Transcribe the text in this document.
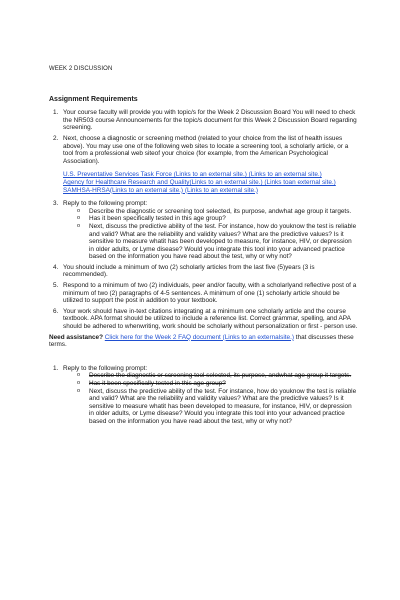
WEEK 2 DISCUSSION
Assignment Requirements
1. Your course faculty will provide you with topic/s for the Week 2 Discussion Board You will need to check the NR503 course Announcements for the topic/s document for this Week 2 Discussion Board regarding screening.
2. Next, choose a diagnostic or screening method (related to your choice from the list of health issues above). You may use one of the following web sites to locate a screening tool, a scholarly article, or a tool from a professional web siteof your choice (for example, from the American Psychological Association).
U.S. Preventative Services Task Force (Links to an external site.) (Links to an external site.)
Agency for Healthcare Research and Quality(Links to an external site.) (Links toan external site.)
SAMHSA-HRSA(Links to an external site.) (Links to an external site.)
3. Reply to the following prompt:
o Describe the diagnostic or screening tool selected, its purpose, andwhat age group it targets.
o Has it been specifically tested in this age group?
o Next, discuss the predictive ability of the test. For instance, how do youknow the test is reliable and valid? What are the reliability and validity values? What are the predictive values? Is it sensitive to measure whatit has been developed to measure, for instance, HIV, or depression in older adults, or Lyme disease? Would you integrate this tool into your advanced practice based on the information you have read about the test, why or why not?
4. You should include a minimum of two (2) scholarly articles from the last five (5)years (3 is recommended).
5. Respond to a minimum of two (2) individuals, peer and/or faculty, with a scholarlyand reflective post of a minimum of two (2) paragraphs of 4-5 sentences. A minimum of one (1) scholarly article should be utilized to support the post in addition to your textbook.
6. Your work should have in-text citations integrating at a minimum one scholarly article and the course textbook. APA format should be utilized to include a reference list. Correct grammar, spelling, and APA should be adhered to whenwriting, work should be scholarly without personalization or first - person use.
Need assistance? Click here for the Week 2 FAQ document (Links to an externalsite.) that discusses these terms.
1. Reply to the following prompt:
o Describe the diagnostic or screening tool selected, its purpose, andwhat age group it targets.
o Has it been specifically tested in this age group?
o Next, discuss the predictive ability of the test. For instance, how do youknow the test is reliable and valid? What are the reliability and validity values? What are the predictive values? Is it sensitive to measure whatit has been developed to measure, for instance, HIV, or depression in older adults, or Lyme disease? Would you integrate this tool into your advanced practice based on the information you have read about the test, why or why not?
